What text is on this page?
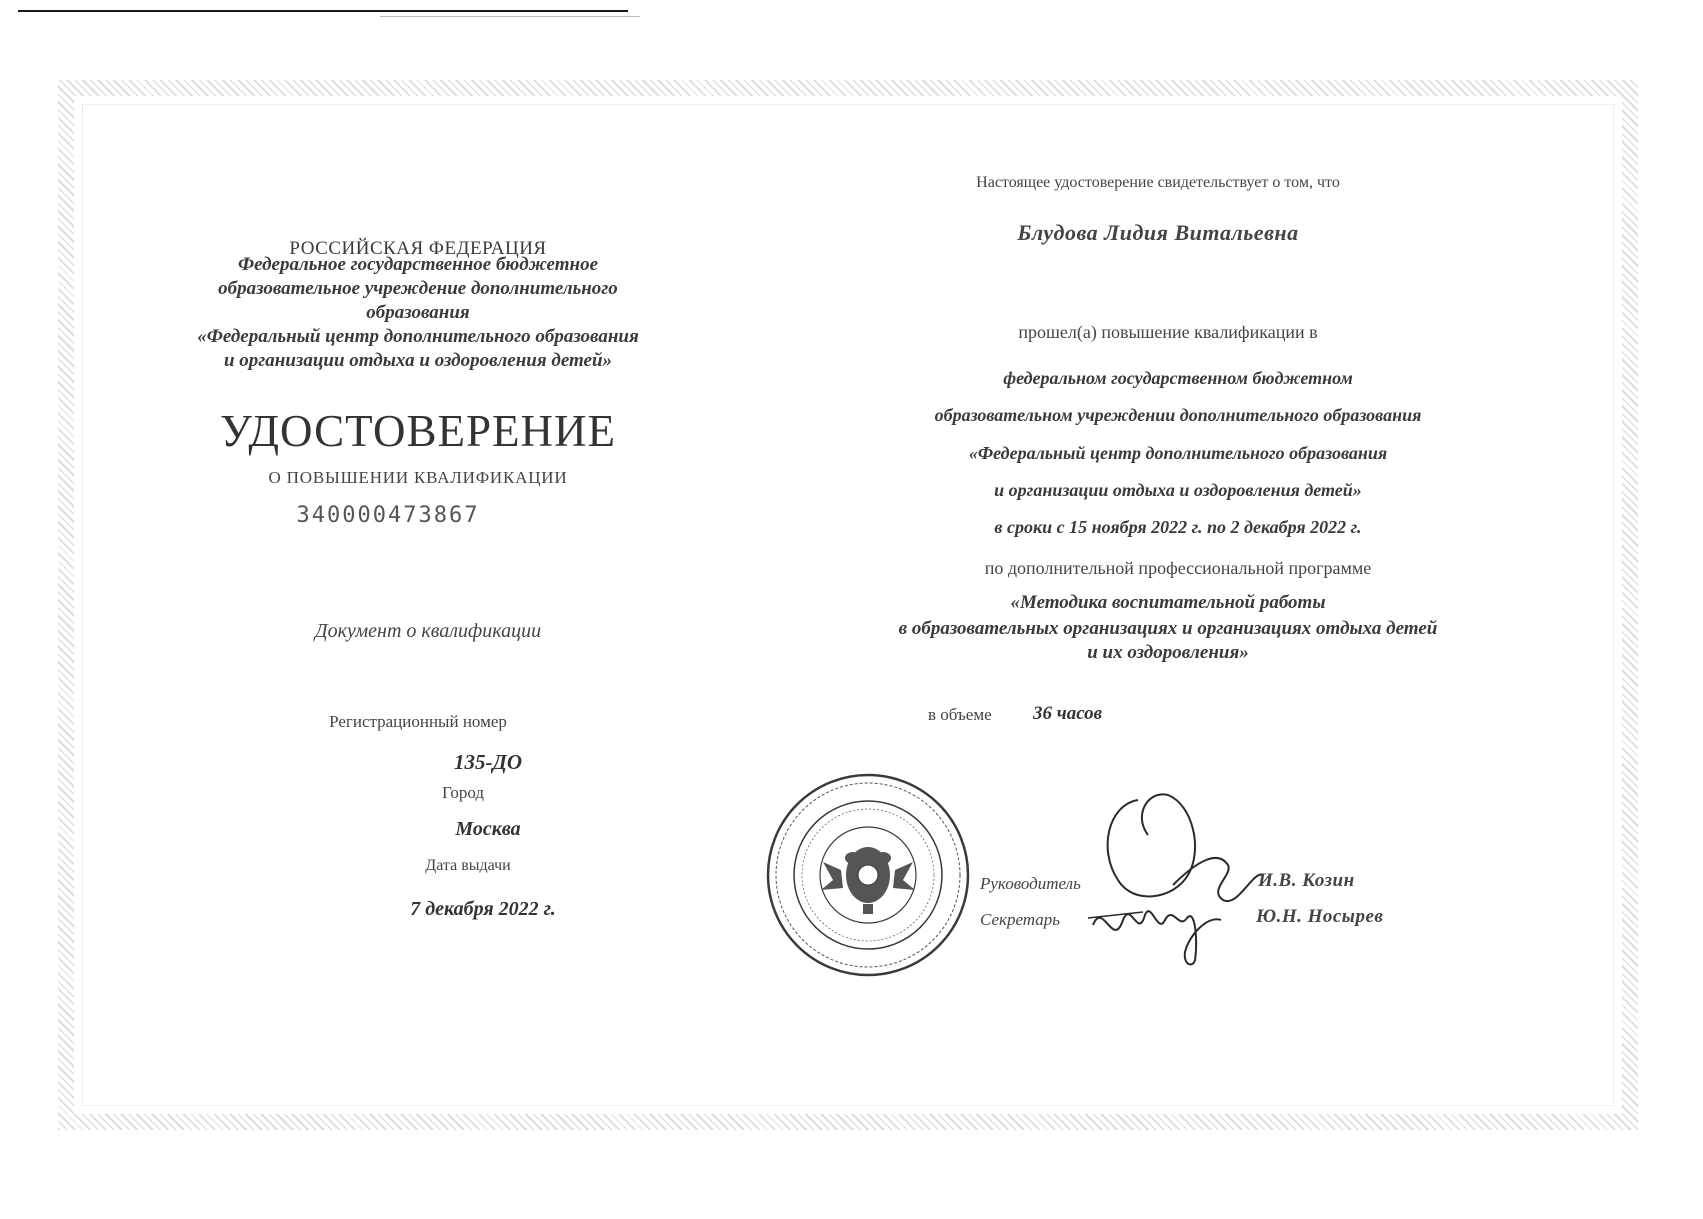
РОССИЙСКАЯ ФЕДЕРАЦИЯ
Федеральное государственное бюджетное
образовательное учреждение дополнительного
образования
«Федеральный центр дополнительного образования
и организации отдыха и оздоровления детей»
УДОСТОВЕРЕНИЕ
О ПОВЫШЕНИИ КВАЛИФИКАЦИИ
340000473867
Документ о квалификации
Регистрационный номер
135-ДО
Город
Москва
Дата выдачи
7 декабря 2022 г.
Настоящее удостоверение свидетельствует о том, что
Блудова Лидия Витальевна
прошел(а) повышение квалификации в
федеральном государственном бюджетном
образовательном учреждении дополнительного образования
«Федеральный центр дополнительного образования
и организации отдыха и оздоровления детей»
в сроки с 15 ноября 2022 г. по 2 декабря 2022 г.
по дополнительной профессиональной программе
«Методика воспитательной работы
в образовательных организациях и организациях отдыха детей
и их оздоровления»
в объеме	36 часов
Руководитель	И.В. Козин
Секретарь	Ю.Н. Носырев
